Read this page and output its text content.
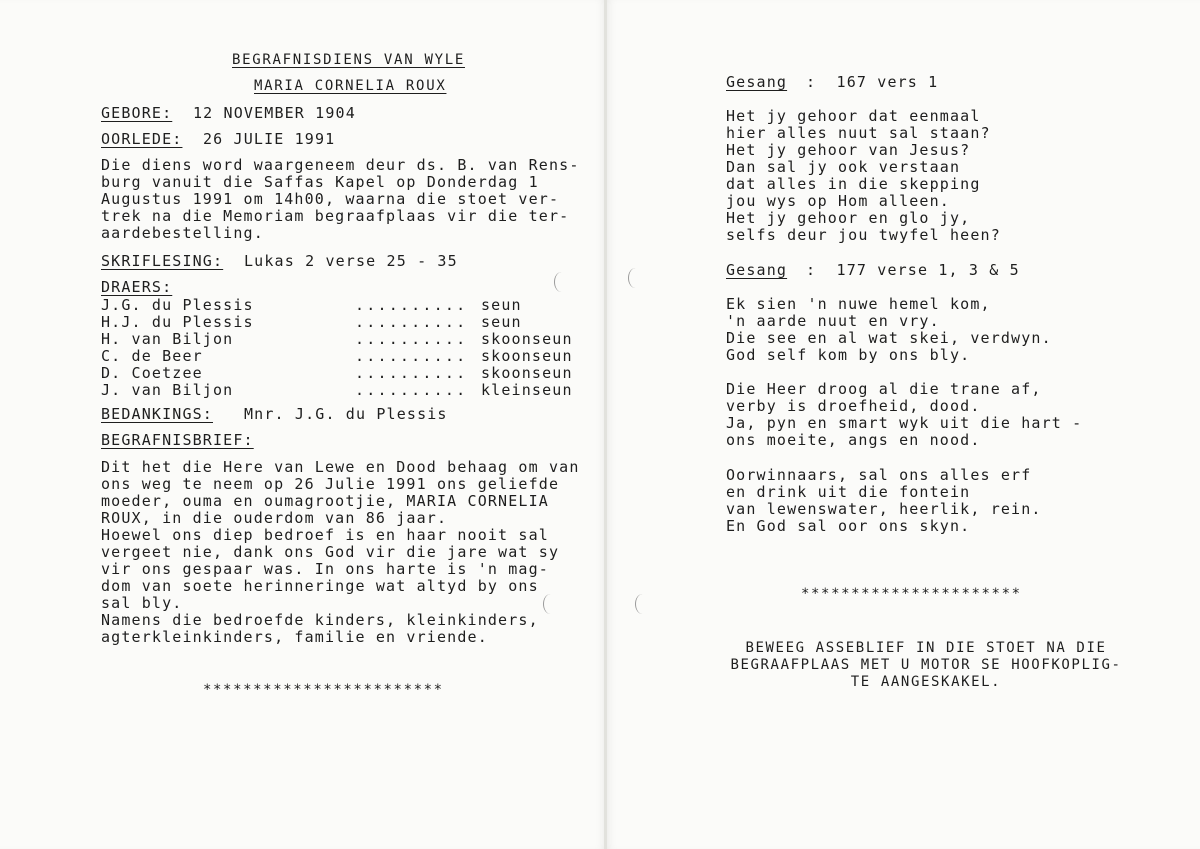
BEGRAFNISDIENS VAN WYLE
MARIA CORNELIA ROUX
GEBORE: 12 NOVEMBER 1904
OORLEDE: 26 JULIE 1991
Die diens word waargeneem deur ds. B. van Rens-
burg vanuit die Saffas Kapel op Donderdag 1
Augustus 1991 om 14h00, waarna die stoet ver-
trek na die Memoriam begraafplaas vir die ter-
aardebestelling.
SKRIFLESING: Lukas 2 verse 25 - 35
DRAERS:
J.G. du Plessis	.......... seun
H.J. du Plessis	.......... seun
H. van Biljon	.......... skoonseun
C. de Beer	.......... skoonseun
D. Coetzee	.......... skoonseun
J. van Biljon	.......... kleinseun
BEDANKINGS: Mnr. J.G. du Plessis
BEGRAFNISBRIEF:
Dit het die Here van Lewe en Dood behaag om van
ons weg te neem op 26 Julie 1991 ons geliefde
moeder, ouma en oumagrootjie, MARIA CORNELIA
ROUX, in die ouderdom van 86 jaar.
Hoewel ons diep bedroef is en haar nooit sal
vergeet nie, dank ons God vir die jare wat sy
vir ons gespaar was. In ons harte is 'n mag-
dom van soete herinneringe wat altyd by ons
sal bly.
Namens die bedroefde kinders, kleinkinders,
agterkleinkinders, familie en vriende.
************************
Gesang :  167 vers 1
Het jy gehoor dat eenmaal
hier alles nuut sal staan?
Het jy gehoor van Jesus?
Dan sal jy ook verstaan
dat alles in die skepping
jou wys op Hom alleen.
Het jy gehoor en glo jy,
selfs deur jou twyfel heen?
Gesang :  177 verse 1, 3 & 5
Ek sien 'n nuwe hemel kom,
'n aarde nuut en vry.
Die see en al wat skei, verdwyn.
God self kom by ons bly.
Die Heer droog al die trane af,
verby is droefheid, dood.
Ja, pyn en smart wyk uit die hart -
ons moeite, angs en nood.
Oorwinnaars, sal ons alles erf
en drink uit die fontein
van lewenswater, heerlik, rein.
En God sal oor ons skyn.
**********************
BEWEEG ASSEBLIEF IN DIE STOET NA DIE
BEGRAAFPLAAS MET U MOTOR SE HOOFKOPLIG-
TE AANGESKAKEL.
